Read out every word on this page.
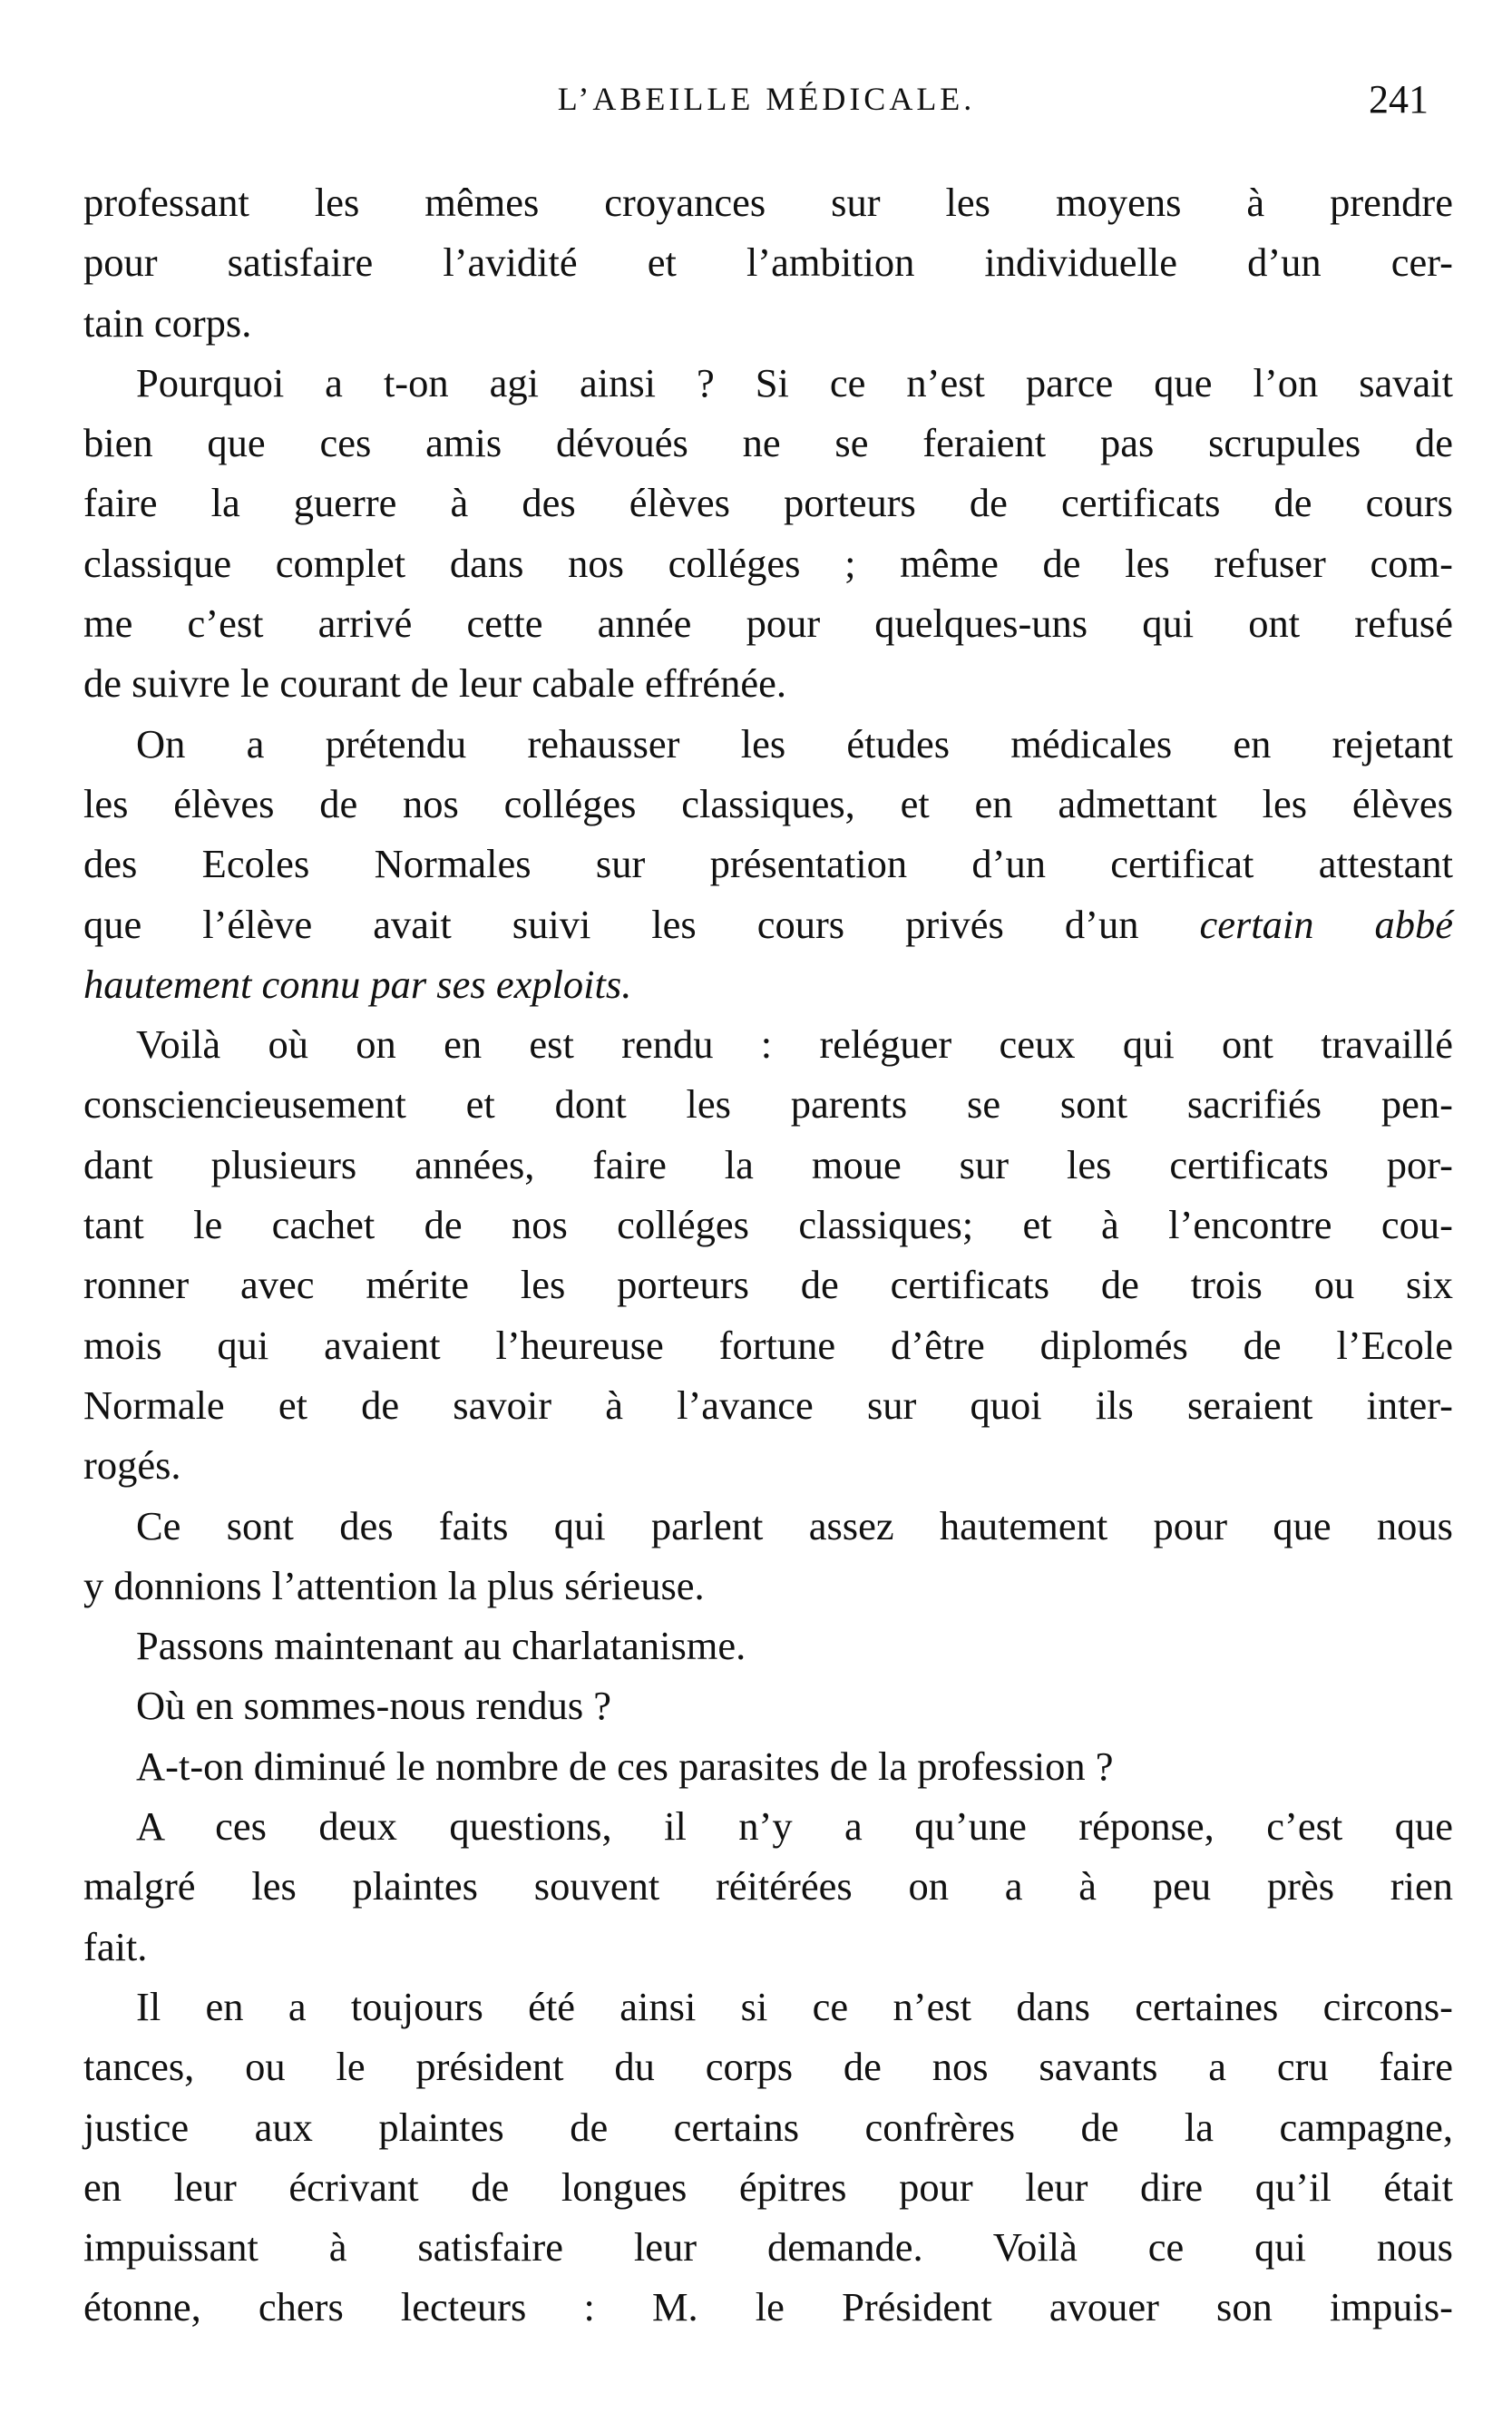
L’ABEILLE MÉDICALE.	241
professant les mêmes croyances sur les moyens à prendre
pour satisfaire l’avidité et l’ambition individuelle d’un cer-
tain corps.
Pourquoi a t-on agi ainsi ? Si ce n’est parce que l’on savait
bien que ces amis dévoués ne se feraient pas scrupules de
faire la guerre à des élèves porteurs de certificats de cours
classique complet dans nos colléges ; même de les refuser com-
me c’est arrivé cette année pour quelques-uns qui ont refusé
de suivre le courant de leur cabale effrénée.
On a prétendu rehausser les études médicales en rejetant
les élèves de nos colléges classiques, et en admettant les élèves
des Ecoles Normales sur présentation d’un certificat attestant
que l’élève avait suivi les cours privés d’un certain abbé
hautement connu par ses exploits.
Voilà où on en est rendu : reléguer ceux qui ont travaillé
consciencieusement et dont les parents se sont sacrifiés pen-
dant plusieurs années, faire la moue sur les certificats por-
tant le cachet de nos colléges classiques; et à l’encontre cou-
ronner avec mérite les porteurs de certificats de trois ou six
mois qui avaient l’heureuse fortune d’être diplomés de l’Ecole
Normale et de savoir à l’avance sur quoi ils seraient inter-
rogés.
Ce sont des faits qui parlent assez hautement pour que nous
y donnions l’attention la plus sérieuse.
Passons maintenant au charlatanisme.
Où en sommes-nous rendus ?
A-t-on diminué le nombre de ces parasites de la profession ?
A ces deux questions, il n’y a qu’une réponse, c’est que
malgré les plaintes souvent réitérées on a à peu près rien
fait.
Il en a toujours été ainsi si ce n’est dans certaines circons-
tances, ou le président du corps de nos savants a cru faire
justice aux plaintes de certains confrères de la campagne,
en leur écrivant de longues épitres pour leur dire qu’il était
impuissant à satisfaire leur demande. Voilà ce qui nous
étonne, chers lecteurs : M. le Président avouer son impuis-
